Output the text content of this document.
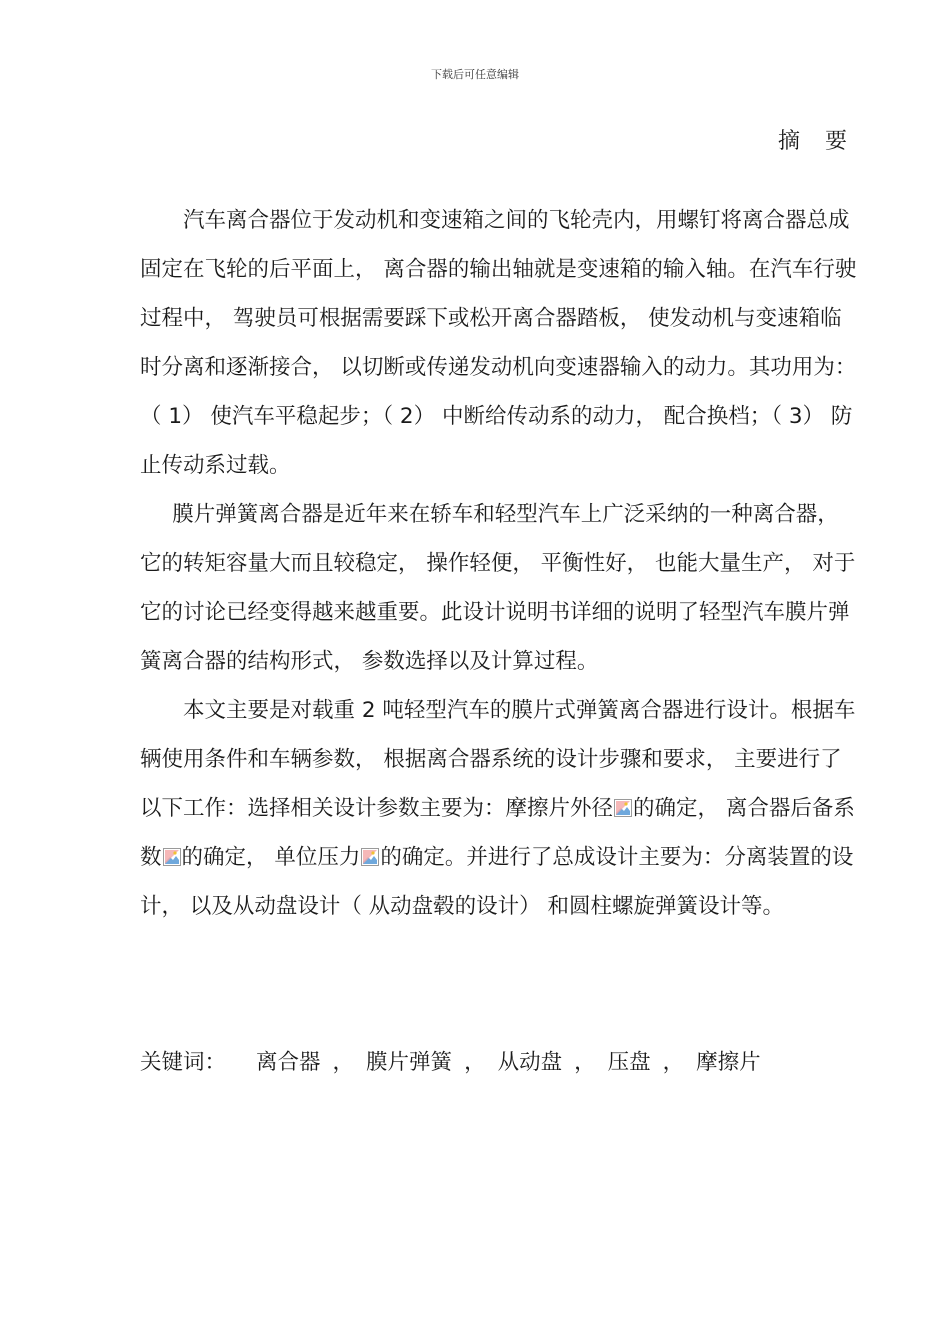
下载后可任意编辑
摘 要

汽车离合器位于发动机和变速箱之间的飞轮壳内，用螺钉将离合器总成固定在飞轮的后平面上， 离合器的输出轴就是变速箱的输入轴。在汽车行驶过程中， 驾驶员可根据需要踩下或松开离合器踏板， 使发动机与变速箱临时分离和逐渐接合， 以切断或传递发动机向变速器输入的动力。其功用为：（ 1） 使汽车平稳起步；（ 2） 中断给传动系的动力， 配合换档；（ 3） 防止传动系过载。

膜片弹簧离合器是近年来在轿车和轻型汽车上广泛采纳的一种离合器， 它的转矩容量大而且较稳定， 操作轻便， 平衡性好， 也能大量生产， 对于它的讨论已经变得越来越重要。此设计说明书详细的说明了轻型汽车膜片弹簧离合器的结构形式， 参数选择以及计算过程。

本文主要是对载重 2 吨轻型汽车的膜片式弹簧离合器进行设计。根据车辆使用条件和车辆参数， 根据离合器系统的设计步骤和要求， 主要进行了以下工作：选择相关设计参数主要为：摩擦片外径 的确定， 离合器后备系数 的确定， 单位压力 的确定。并进行了总成设计主要为：分离装置的设计， 以及从动盘设计（ 从动盘毂的设计） 和圆柱螺旋弹簧设计等。

关键词： 离合器 ， 膜片弹簧 ， 从动盘 ， 压盘 ， 摩擦片
